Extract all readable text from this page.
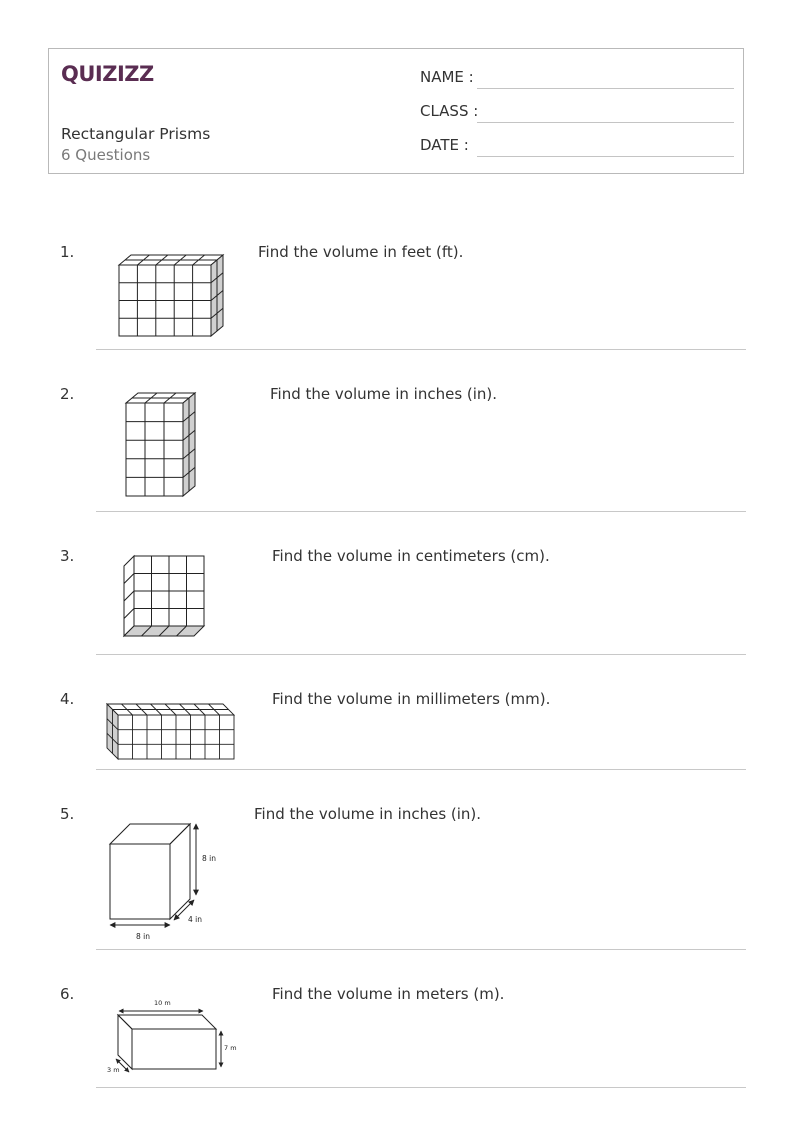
QUIZIZZ
Rectangular Prisms
6 Questions
NAME :
CLASS :
DATE :
1.	Find the volume in feet (ft).
2.	Find the volume in inches (in).
3.	Find the volume in centimeters (cm).
4.	Find the volume in millimeters (mm).
5.	Find the volume in inches (in).
8 in
4 in
8 in
6.	Find the volume in meters (m).
10 m
7 m
3 m
